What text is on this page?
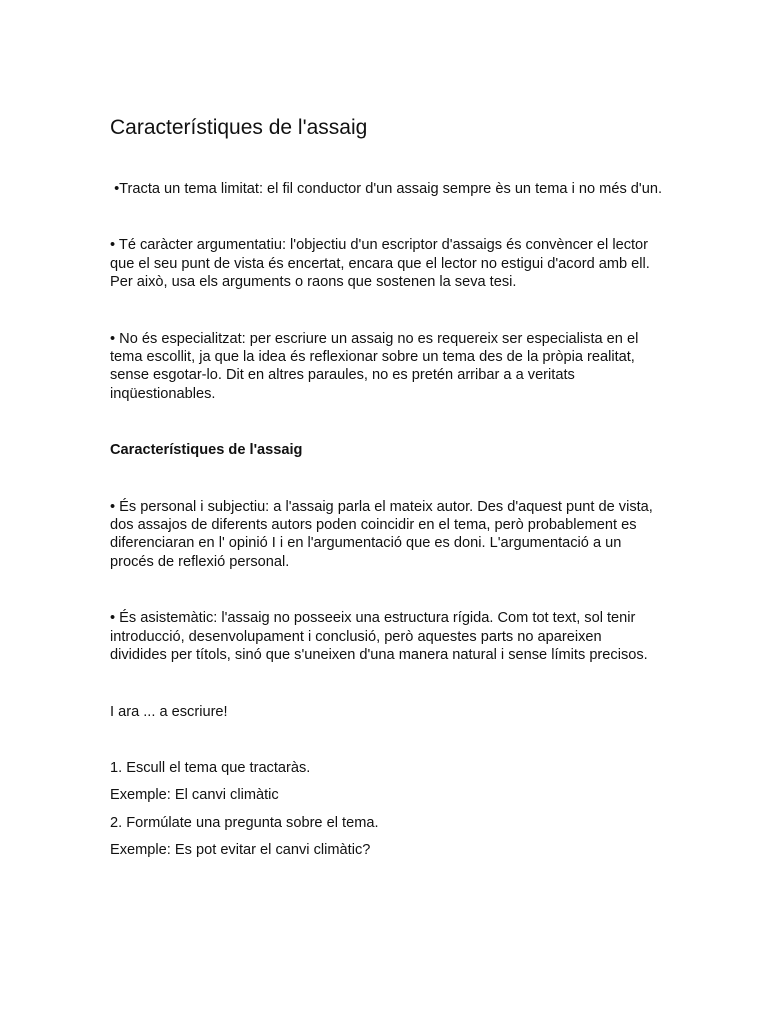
Característiques de l'assaig

•Tracta un tema limitat: el fil conductor d'un assaig sempre ès un tema i no més d'un.

• Té caràcter argumentatiu: l'objectiu d'un escriptor d'assaigs és convèncer el lector que el seu punt de vista és encertat, encara que el lector no estigui d'acord amb ell. Per això, usa els arguments o raons que sostenen la seva tesi.

• No és especialitzat: per escriure un assaig no es requereix ser especialista en el tema escollit, ja que la idea és reflexionar sobre un tema des de la pròpia realitat, sense esgotar-lo. Dit en altres paraules, no es pretén arribar a a veritats inqüestionables.

Característiques de l'assaig

• És personal i subjectiu: a l'assaig parla el mateix autor. Des d'aquest punt de vista, dos assajos de diferents autors poden coincidir en el tema, però probablement es diferenciaran en l' opinió I i en l'argumentació que es doni. L'argumentació a un procés de reflexió personal.

• És asistemàtic: l'assaig no posseeix una estructura rígida. Com tot text, sol tenir introducció, desenvolupament i conclusió, però aquestes parts no apareixen dividides per títols, sinó que s'uneixen d'una manera natural i sense límits precisos.

I ara ... a escriure!

1. Escull el tema que tractaràs.

Exemple: El canvi climàtic

2. Formúlate una pregunta sobre el tema.

Exemple: Es pot evitar el canvi climàtic?
